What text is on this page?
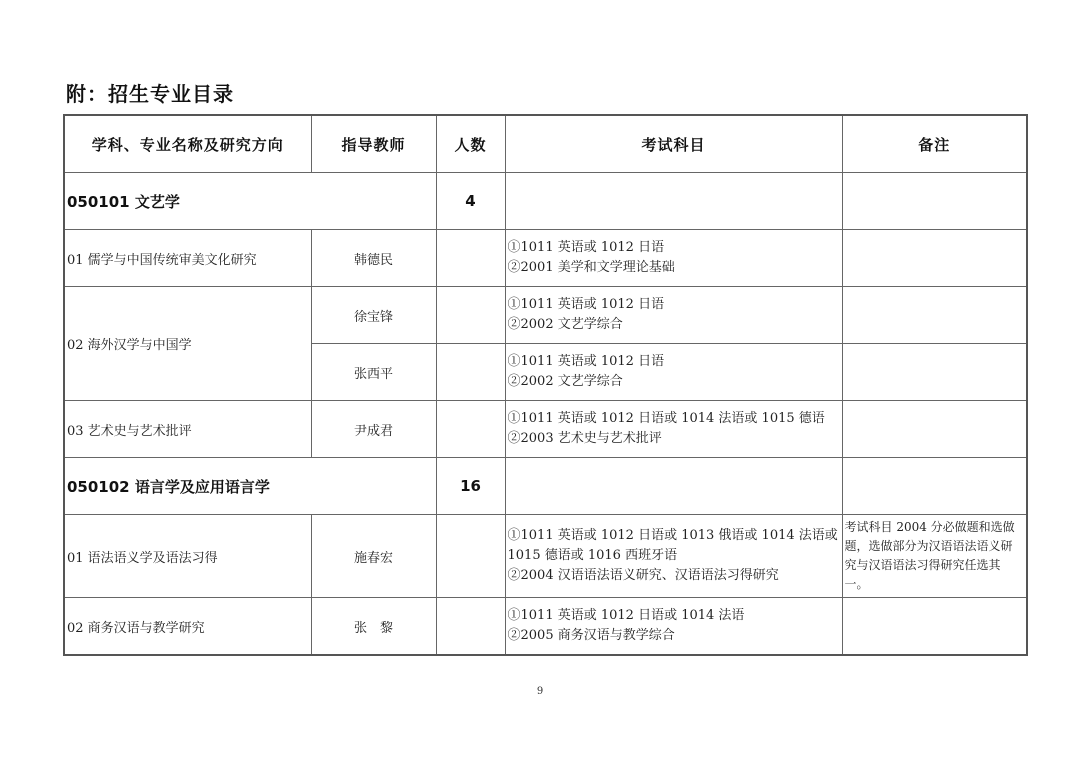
附：招生专业目录
学科、专业名称及研究方向	指导教师	人数	考试科目	备注
050101 文艺学		4		
01 儒学与中国传统审美文化研究	韩德民		①1011 英语或 1012 日语
②2001 美学和文学理论基础	

02 海外汉学与中国学	徐宝锋		①1011 英语或 1012 日语
②2002 文艺学综合	

	张西平		①1011 英语或 1012 日语
②2002 文艺学综合	

03 艺术史与艺术批评	尹成君		①1011 英语或 1012 日语或 1014 法语或 1015 德语
②2003 艺术史与艺术批评	

050102 语言学及应用语言学		16		
01 语法语义学及语法习得	施春宏		①1011 英语或 1012 日语或 1013 俄语或 1014 法语或 1015 德语或 1016 西班牙语
②2004 汉语语法语义研究、汉语语法习得研究	考试科目 2004 分必做题和选做题，选做部分为汉语语法语义研究与汉语语法习得研究任选其一。

02 商务汉语与教学研究	张　黎		①1011 英语或 1012 日语或 1014 法语
②2005 商务汉语与教学综合	

9
